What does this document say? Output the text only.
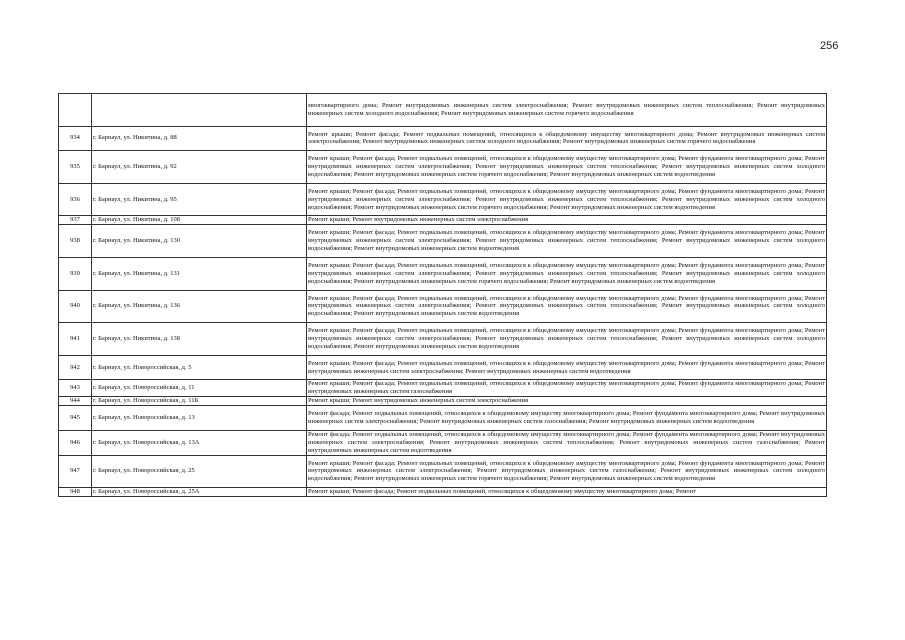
256
		многоквартирного дома; Ремонт внутридомовых инженерных систем электроснабжения; Ремонт внутридомовых инженерных систем теплоснабжения; Ремонт внутридомовых инженерных систем холодного водоснабжения; Ремонт внутридомовых инженерных систем горячего водоснабжения
934	г. Барнаул, ул. Никитина, д. 88	Ремонт крыши; Ремонт фасада; Ремонт подвальных помещений, относящихся к общедомовому имуществу многоквартирного дома; Ремонт внутридомовых инженерных систем электроснабжения; Ремонт внутридомовых инженерных систем холодного водоснабжения; Ремонт внутридомовых инженерных систем горячего водоснабжения
935	г. Барнаул, ул. Никитина, д. 92	Ремонт крыши; Ремонт фасада; Ремонт подвальных помещений, относящихся к общедомовому имуществу многоквартирного дома; Ремонт фундамента многоквартирного дома; Ремонт внутридомовых инженерных систем электроснабжения; Ремонт внутридомовых инженерных систем теплоснабжения; Ремонт внутридомовых инженерных систем холодного водоснабжения; Ремонт внутридомовых инженерных систем горячего водоснабжения; Ремонт внутридомовых инженерных систем водоотведения
936	г. Барнаул, ул. Никитина, д. 95	Ремонт крыши; Ремонт фасада; Ремонт подвальных помещений, относящихся к общедомовому имуществу многоквартирного дома; Ремонт фундамента многоквартирного дома; Ремонт внутридомовых инженерных систем электроснабжения; Ремонт внутридомовых инженерных систем теплоснабжения; Ремонт внутридомовых инженерных систем холодного водоснабжения; Ремонт внутридомовых инженерных систем горячего водоснабжения; Ремонт внутридомовых инженерных систем водоотведения
937	г. Барнаул, ул. Никитина, д. 108	Ремонт крыши; Ремонт внутридомовых инженерных систем электроснабжения
938	г. Барнаул, ул. Никитина, д. 130	Ремонт крыши; Ремонт фасада; Ремонт подвальных помещений, относящихся к общедомовому имуществу многоквартирного дома; Ремонт фундамента многоквартирного дома; Ремонт внутридомовых инженерных систем электроснабжения; Ремонт внутридомовых инженерных систем теплоснабжения; Ремонт внутридомовых инженерных систем холодного водоснабжения; Ремонт внутридомовых инженерных систем водоотведения
939	г. Барнаул, ул. Никитина, д. 131	Ремонт крыши; Ремонт фасада; Ремонт подвальных помещений, относящихся к общедомовому имуществу многоквартирного дома; Ремонт фундамента многоквартирного дома; Ремонт внутридомовых инженерных систем электроснабжения; Ремонт внутридомовых инженерных систем теплоснабжения; Ремонт внутридомовых инженерных систем холодного водоснабжения; Ремонт внутридомовых инженерных систем горячего водоснабжения; Ремонт внутридомовых инженерных систем водоотведения
940	г. Барнаул, ул. Никитина, д. 136	Ремонт крыши; Ремонт фасада; Ремонт подвальных помещений, относящихся к общедомовому имуществу многоквартирного дома; Ремонт фундамента многоквартирного дома; Ремонт внутридомовых инженерных систем электроснабжения; Ремонт внутридомовых инженерных систем теплоснабжения; Ремонт внутридомовых инженерных систем холодного водоснабжения; Ремонт внутридомовых инженерных систем водоотведения
941	г. Барнаул, ул. Никитина, д. 138	Ремонт крыши; Ремонт фасада; Ремонт подвальных помещений, относящихся к общедомовому имуществу многоквартирного дома; Ремонт фундамента многоквартирного дома; Ремонт внутридомовых инженерных систем электроснабжения; Ремонт внутридомовых инженерных систем теплоснабжения; Ремонт внутридомовых инженерных систем холодного водоснабжения; Ремонт внутридомовых инженерных систем водоотведения
942	г. Барнаул, ул. Новороссийская, д. 5	Ремонт крыши; Ремонт фасада; Ремонт подвальных помещений, относящихся к общедомовому имуществу многоквартирного дома; Ремонт фундамента многоквартирного дома; Ремонт внутридомовых инженерных систем электроснабжения; Ремонт внутридомовых инженерных систем водоотведения
943	г. Барнаул, ул. Новороссийская, д. 11	Ремонт крыши; Ремонт фасада; Ремонт подвальных помещений, относящихся к общедомовому имуществу многоквартирного дома; Ремонт фундамента многоквартирного дома; Ремонт внутридомовых инженерных систем газоснабжения
944	г. Барнаул, ул. Новороссийская, д. 11Б	Ремонт крыши; Ремонт внутридомовых инженерных систем электроснабжения
945	г. Барнаул, ул. Новороссийская, д. 13	Ремонт фасада; Ремонт подвальных помещений, относящихся к общедомовому имуществу многоквартирного дома; Ремонт фундамента многоквартирного дома; Ремонт внутридомовых инженерных систем электроснабжения; Ремонт внутридомовых инженерных систем газоснабжения; Ремонт внутридомовых инженерных систем водоотведения
946	г. Барнаул, ул. Новороссийская, д. 13А	Ремонт фасада; Ремонт подвальных помещений, относящихся к общедомовому имуществу многоквартирного дома; Ремонт фундамента многоквартирного дома; Ремонт внутридомовых инженерных систем электроснабжения; Ремонт внутридомовых инженерных систем теплоснабжения; Ремонт внутридомовых инженерных систем газоснабжения; Ремонт внутридомовых инженерных систем водоотведения
947	г. Барнаул, ул. Новороссийская, д. 25	Ремонт крыши; Ремонт фасада; Ремонт подвальных помещений, относящихся к общедомовому имуществу многоквартирного дома; Ремонт фундамента многоквартирного дома; Ремонт внутридомовых инженерных систем электроснабжения; Ремонт внутридомовых инженерных систем газоснабжения; Ремонт внутридомовых инженерных систем холодного водоснабжения; Ремонт внутридомовых инженерных систем горячего водоснабжения; Ремонт внутридомовых инженерных систем водоотведения
948	г. Барнаул, ул. Новороссийская, д. 25А	Ремонт крыши; Ремонт фасада; Ремонт подвальных помещений, относящихся к общедомовому имуществу многоквартирного дома; Ремонт
